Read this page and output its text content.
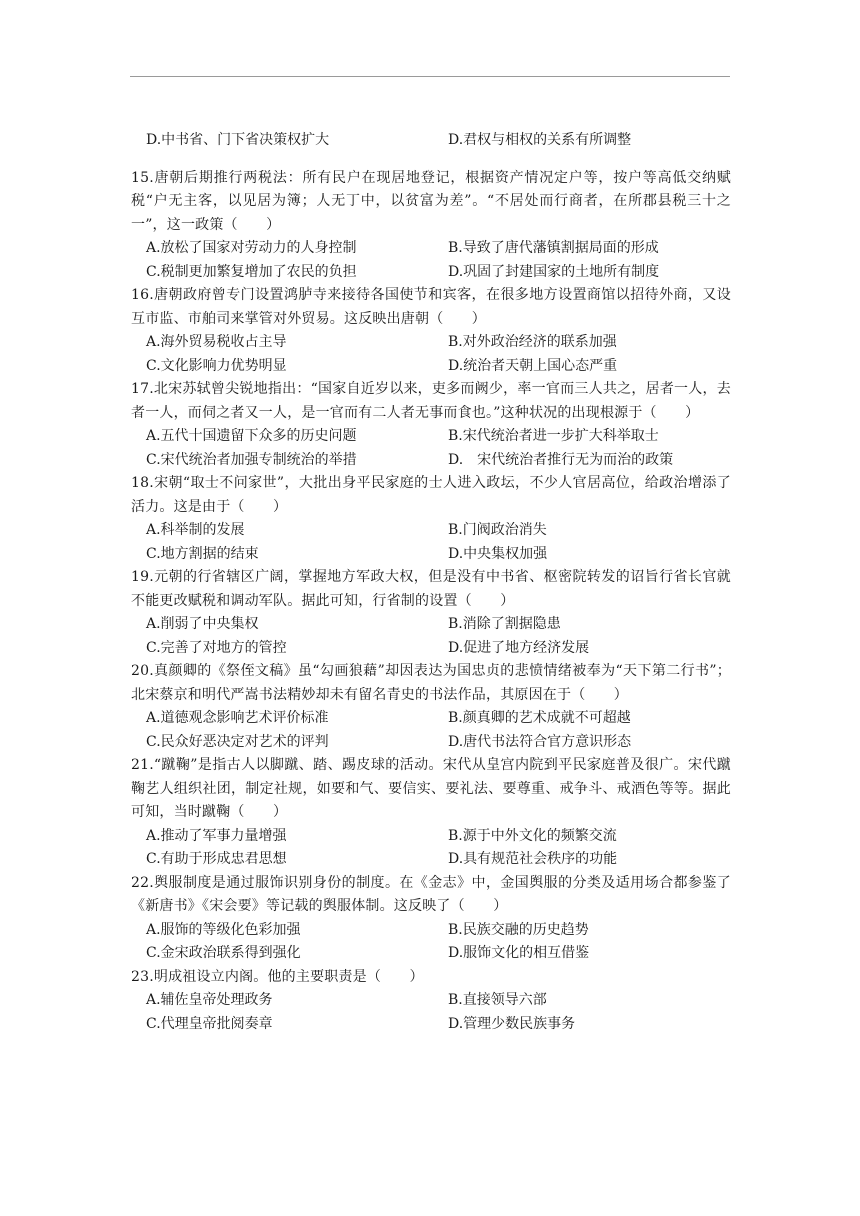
D.中书省、门下省决策权扩大	D.君权与相权的关系有所调整
15.唐朝后期推行两税法：所有民户在现居地登记，根据资产情况定户等，按户等高低交纳赋税“户无主客，以见居为簿；人无丁中，以贫富为差”。“不居处而行商者，在所郡县税三十之一”，这一政策（　　）
A.放松了国家对劳动力的人身控制	B.导致了唐代藩镇割据局面的形成
C.税制更加繁复增加了农民的负担	D.巩固了封建国家的土地所有制度
16.唐朝政府曾专门设置鸿胪寺来接待各国使节和宾客，在很多地方设置商馆以招待外商，又设互市监、市舶司来掌管对外贸易。这反映出唐朝（　　）
A.海外贸易税收占主导	B.对外政治经济的联系加强
C.文化影响力优势明显	D.统治者天朝上国心态严重
17.北宋苏轼曾尖锐地指出：“国家自近岁以来，吏多而阙少，率一官而三人共之，居者一人，去者一人，而伺之者又一人，是一官而有二人者无事而食也。”这种状况的出现根源于（　　）
A.五代十国遗留下众多的历史问题	B.宋代统治者进一步扩大科举取士
C.宋代统治者加强专制统治的举措	D.　宋代统治者推行无为而治的政策
18.宋朝“取士不问家世”，大批出身平民家庭的士人进入政坛，不少人官居高位，给政治增添了活力。这是由于（　　）
A.科举制的发展	B.门阀政治消失
C.地方割据的结束	D.中央集权加强
19.元朝的行省辖区广阔，掌握地方军政大权，但是没有中书省、枢密院转发的诏旨行省长官就不能更改赋税和调动军队。据此可知，行省制的设置（　　）
A.削弱了中央集权	B.消除了割据隐患
C.完善了对地方的管控	D.促进了地方经济发展
20.真颜卿的《祭侄文稿》虽“勾画狼藉”却因表达为国忠贞的悲愤情绪被奉为“天下第二行书”；北宋蔡京和明代严嵩书法精妙却未有留名青史的书法作品，其原因在于（　　）
A.道德观念影响艺术评价标准	B.颜真卿的艺术成就不可超越
C.民众好恶决定对艺术的评判	D.唐代书法符合官方意识形态
21.“蹴鞠”是指古人以脚蹴、踏、踢皮球的活动。宋代从皇宫内院到平民家庭普及很广。宋代蹴鞠艺人组织社团，制定社规，如要和气、要信实、要礼法、要尊重、戒争斗、戒酒色等等。据此可知，当时蹴鞠（　　）
A.推动了军事力量增强	B.源于中外文化的频繁交流
C.有助于形成忠君思想	D.具有规范社会秩序的功能
22.舆服制度是通过服饰识别身份的制度。在《金志》中，金国舆服的分类及适用场合都参鉴了《新唐书》《宋会要》等记载的舆服体制。这反映了（　　）
A.服饰的等级化色彩加强	B.民族交融的历史趋势
C.金宋政治联系得到强化	D.服饰文化的相互借鉴
23.明成祖设立内阁。他的主要职责是（　　）
A.辅佐皇帝处理政务	B.直接领导六部
C.代理皇帝批阅奏章	D.管理少数民族事务
